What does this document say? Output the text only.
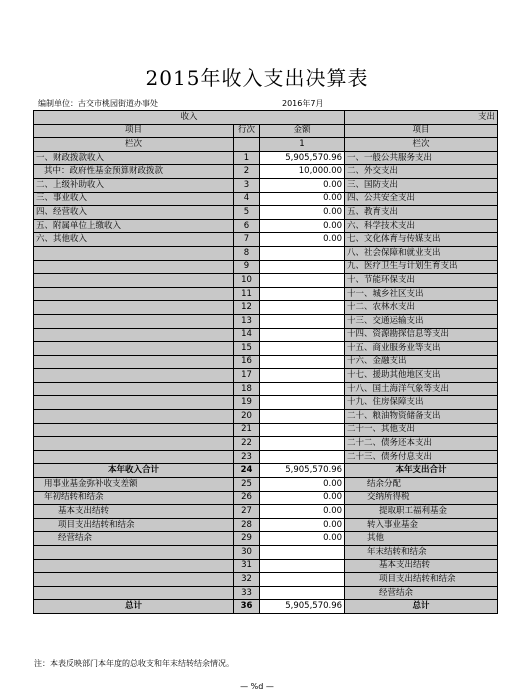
2015年收入支出决算表
编制单位：古交市桃园街道办事处	2016年7月
收入			支出
项目	行次	金额	项目
栏次		1	栏次
一、财政拨款收入	1	5,905,570.96	一、一般公共服务支出
其中：政府性基金预算财政拨款	2	10,000.00	二、外交支出
二、上级补助收入	3	0.00	三、国防支出
三、事业收入	4	0.00	四、公共安全支出
四、经营收入	5	0.00	五、教育支出
五、附属单位上缴收入	6	0.00	六、科学技术支出
六、其他收入	7	0.00	七、文化体育与传媒支出
	8		八、社会保障和就业支出
	9		九、医疗卫生与计划生育支出
	10		十、节能环保支出
	11		十一、城乡社区支出
	12		十二、农林水支出
	13		十三、交通运输支出
	14		十四、资源勘探信息等支出
	15		十五、商业服务业等支出
	16		十六、金融支出
	17		十七、援助其他地区支出
	18		十八、国土海洋气象等支出
	19		十九、住房保障支出
	20		二十、粮油物资储备支出
	21		二十一、其他支出
	22		二十二、债务还本支出
	23		二十三、债务付息支出
本年收入合计	24	5,905,570.96	本年支出合计
用事业基金弥补收支差额	25	0.00	结余分配
年初结转和结余	26	0.00	交纳所得税
基本支出结转	27	0.00	提取职工福利基金
项目支出结转和结余	28	0.00	转入事业基金
经营结余	29	0.00	其他
	30		年末结转和结余
	31		基本支出结转
	32		项目支出结转和结余
	33		经营结余
总计	36	5,905,570.96	总计
注：本表反映部门本年度的总收支和年末结转结余情况。
— %d —
